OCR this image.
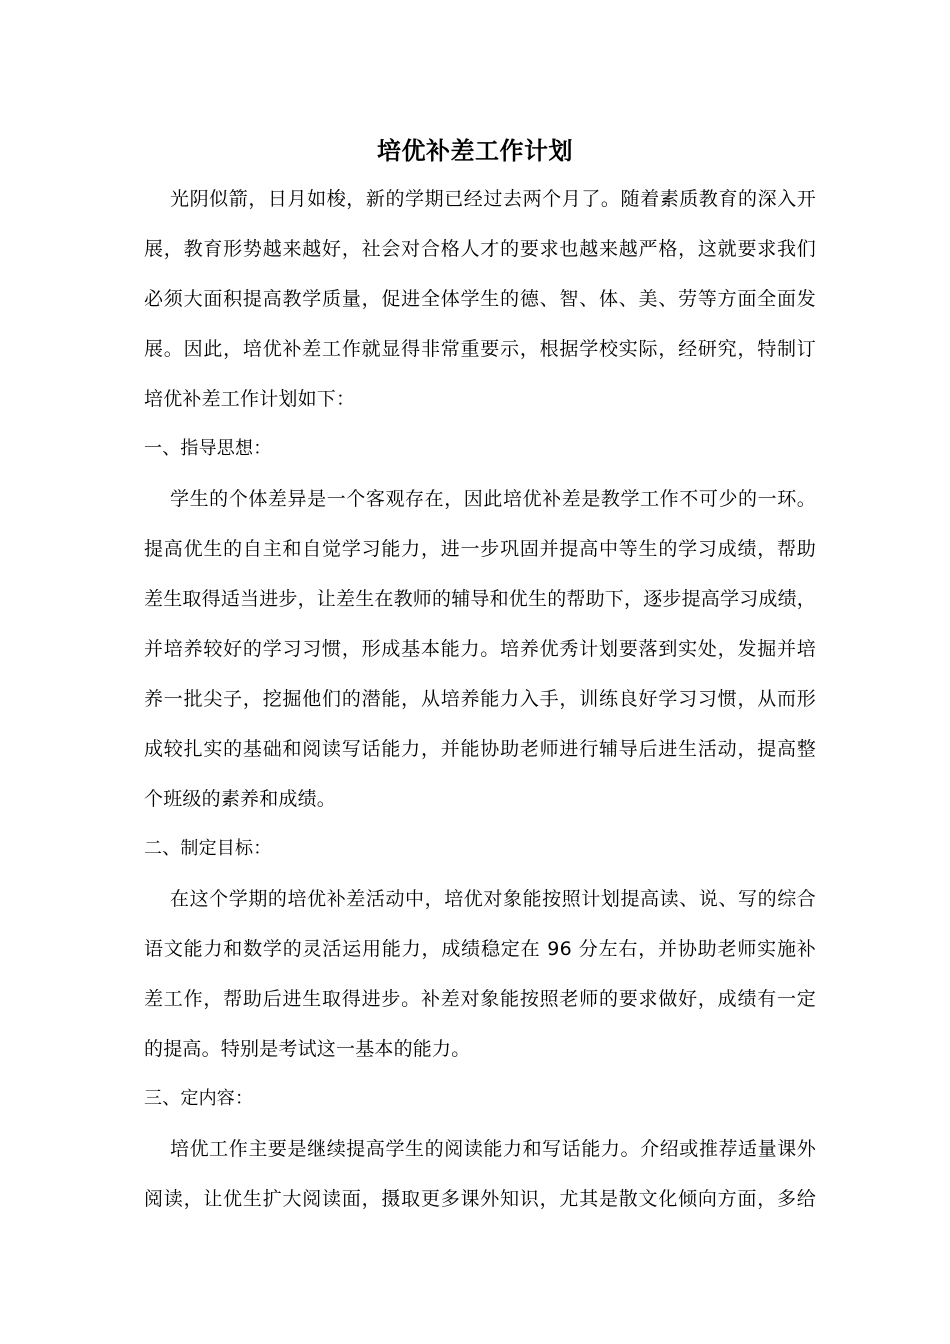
培优补差工作计划
光阴似箭，日月如梭，新的学期已经过去两个月了。随着素质教育的深入开
展，教育形势越来越好，社会对合格人才的要求也越来越严格，这就要求我们
必须大面积提高教学质量，促进全体学生的德、智、体、美、劳等方面全面发
展。因此，培优补差工作就显得非常重要示，根据学校实际，经研究，特制订
培优补差工作计划如下：
一、指导思想：
学生的个体差异是一个客观存在，因此培优补差是教学工作不可少的一环。
提高优生的自主和自觉学习能力，进一步巩固并提高中等生的学习成绩，帮助
差生取得适当进步，让差生在教师的辅导和优生的帮助下，逐步提高学习成绩，
并培养较好的学习习惯，形成基本能力。培养优秀计划要落到实处，发掘并培
养一批尖子，挖掘他们的潜能，从培养能力入手，训练良好学习习惯，从而形
成较扎实的基础和阅读写话能力，并能协助老师进行辅导后进生活动，提高整
个班级的素养和成绩。
二、制定目标：
在这个学期的培优补差活动中，培优对象能按照计划提高读、说、写的综合
语文能力和数学的灵活运用能力，成绩稳定在 96 分左右，并协助老师实施补
差工作，帮助后进生取得进步。补差对象能按照老师的要求做好，成绩有一定
的提高。特别是考试这一基本的能力。
三、定内容：
培优工作主要是继续提高学生的阅读能力和写话能力。介绍或推荐适量课外
阅读，让优生扩大阅读面，摄取更多课外知识，尤其是散文化倾向方面，多给
